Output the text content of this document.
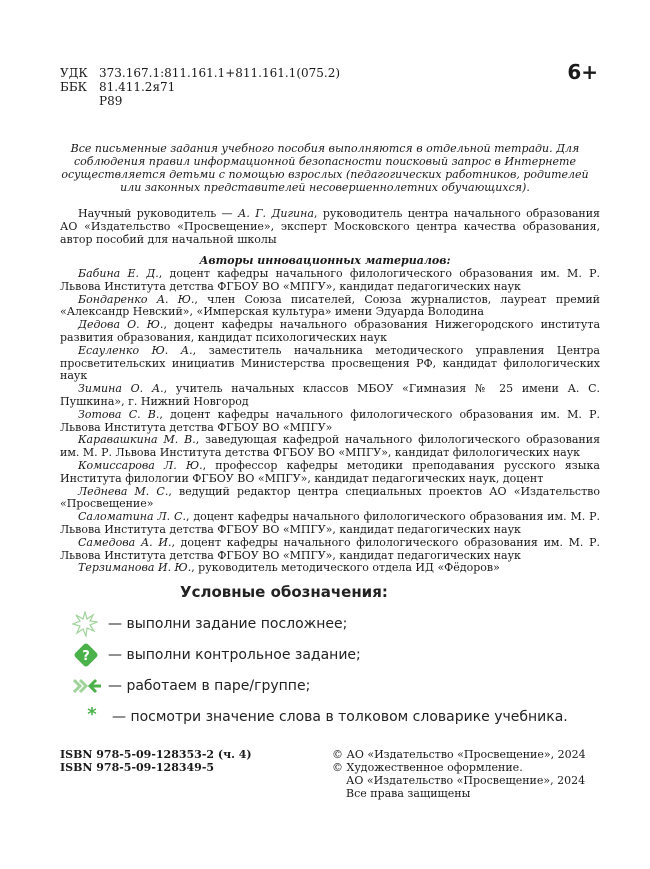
УДК 373.167.1:811.161.1+811.161.1(075.2)
ББК	81.411.2я71
Р89
6+
Все письменные задания учебного пособия выполняются в отдельной тетради. Для соблюдения правил информационной безопасности поисковый запрос в Интернете осуществляется детьми с помощью взрослых (педагогических работников, родителей или законных представителей несовершеннолетних обучающихся).
Научный руководитель — А. Г. Дигина, руководитель центра начального образования АО «Издательство «Просвещение», эксперт Московского центра качества образования, автор пособий для начальной школы
Авторы инновационных материалов:

Бабина Е. Д., доцент кафедры начального филологического образования им. М. Р. Львова Института детства ФГБОУ ВО «МПГУ», кандидат педагогических наук

Бондаренко А. Ю., член Союза писателей, Союза журналистов, лауреат премий «Александр Невский», «Имперская культура» имени Эдуарда Володина

Дедова О. Ю., доцент кафедры начального образования Нижегородского института развития образования, кандидат психологических наук

Есауленко Ю. А., заместитель начальника методического управления Центра просветительских инициатив Министерства просвещения РФ, кандидат филологических наук

Зимина О. А., учитель начальных классов МБОУ «Гимназия № 25 имени А. С. Пушкина», г. Нижний Новгород

Зотова С. В., доцент кафедры начального филологического образования им. М. Р. Львова Института детства ФГБОУ ВО «МПГУ»

Каравашкина М. В., заведующая кафедрой начального филологического образования им. М. Р. Львова Института детства ФГБОУ ВО «МПГУ», кандидат филологических наук

Комиссарова Л. Ю., профессор кафедры методики преподавания русского языка Института филологии ФГБОУ ВО «МПГУ», кандидат педагогических наук, доцент

Леднева М. С., ведущий редактор центра специальных проектов АО «Издательство «Просвещение»

Саломатина Л. С., доцент кафедры начального филологического образования им. М. Р. Львова Института детства ФГБОУ ВО «МПГУ», кандидат педагогических наук

Самедова А. И., доцент кафедры начального филологического образования им. М. Р. Львова Института детства ФГБОУ ВО «МПГУ», кандидат педагогических наук

Терзиманова И. Ю., руководитель методического отдела ИД «Фёдоров»

Условные обозначения:
— выполни задание посложнее;
? — выполни контрольное задание;
— работаем в паре/группе;
* — посмотри значение слова в толковом словарике учебника.
ISBN 978-5-09-128353-2 (ч. 4)
ISBN 978-5-09-128349-5
© АО «Издательство «Просвещение», 2024
© Художественное оформление.
АО «Издательство «Просвещение», 2024
Все права защищены
